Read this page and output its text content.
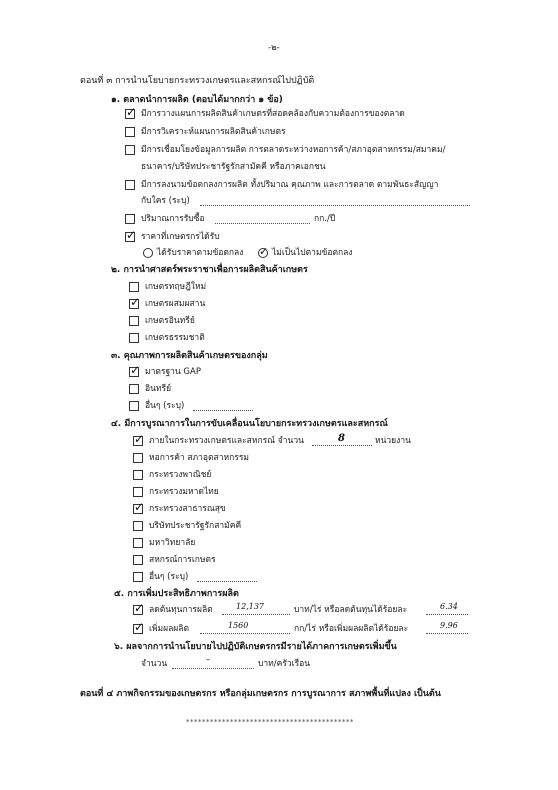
-๒-
ตอนที่ ๓ การนำนโยบายกระทรวงเกษตรและสหกรณ์ไปปฏิบัติ
๑. ตลาดนำการผลิต (ตอบได้มากกว่า ๑ ข้อ)
✓ มีการวางแผนการผลิตสินค้าเกษตรที่สอดคล้องกับความต้องการของตลาด
มีการวิเคราะห์แผนการผลิตสินค้าเกษตร
มีการเชื่อมโยงข้อมูลการผลิต การตลาดระหว่างหอการค้า/สภาอุตสาหกรรม/สมาคม/
ธนาคาร/บริษัทประชารัฐรักสามัคคี หรือภาคเอกชน
มีการลงนามข้อตกลงการผลิต ทั้งปริมาณ คุณภาพ และการตลาด ตามพันธะสัญญา
กับใคร (ระบุ)
ปริมาณการรับซื้อ	กก./ปี
✓ ราคาที่เกษตรกรได้รับ
ได้รับราคาตามข้อตกลง ✓ ไม่เป็นไปตามข้อตกลง
๒. การนำศาสตร์พระราชาเพื่อการผลิตสินค้าเกษตร
เกษตรทฤษฎีใหม่
✓ เกษตรผสมผสาน
เกษตรอินทรีย์
เกษตรธรรมชาติ
๓. คุณภาพการผลิตสินค้าเกษตรของกลุ่ม
✓ มาตรฐาน GAP
อินทรีย์
อื่นๆ (ระบุ)
๔. มีการบูรณาการในการขับเคลื่อนนโยบายกระทรวงเกษตรและสหกรณ์
✓ ภายในกระทรวงเกษตรและสหกรณ์ จำนวน	8	หน่วยงาน
หอการค้า สภาอุตสาหกรรม
กระทรวงพาณิชย์
กระทรวงมหาดไทย
✓ กระทรวงสาธารณสุข
บริษัทประชารัฐรักสามัคคี
มหาวิทยาลัย
สหกรณ์การเกษตร
อื่นๆ (ระบุ)
๕. การเพิ่มประสิทธิภาพการผลิต
✓ ลดต้นทุนการผลิต	12,137	บาท/ไร่ หรือลดต้นทุนได้ร้อยละ	6.34
✓ เพิ่มผลผลิต	1560	กก/ไร่ หรือเพิ่มผลผลิตได้ร้อยละ	9.96
๖. ผลจากการนำนโยบายไปปฏิบัติเกษตรกรมีรายได้ภาคการเกษตรเพิ่มขึ้น
จำนวน	–	บาท/ครัวเรือน
ตอนที่ ๔ ภาพกิจกรรมของเกษตรกร หรือกลุ่มเกษตรกร การบูรณาการ สภาพพื้นที่แปลง เป็นต้น
******************************************
